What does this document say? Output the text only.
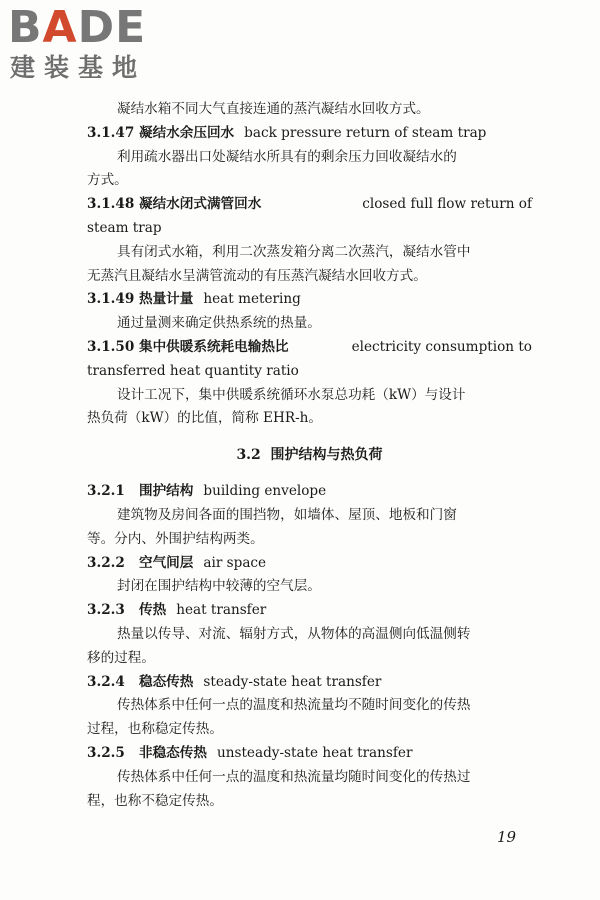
BADE
建装基地
凝结水箱不同大气直接连通的蒸汽凝结水回收方式。
3.1.47 凝结水余压回水 back pressure return of steam trap
利用疏水器出口处凝结水所具有的剩余压力回收凝结水的
方式。
3.1.48 凝结水闭式满管回水	closed full flow return of
steam trap
具有闭式水箱，利用二次蒸发箱分离二次蒸汽，凝结水管中
无蒸汽且凝结水呈满管流动的有压蒸汽凝结水回收方式。
3.1.49 热量计量 heat metering
通过量测来确定供热系统的热量。
3.1.50 集中供暖系统耗电输热比	electricity consumption to
transferred heat quantity ratio
设计工况下，集中供暖系统循环水泵总功耗（kW）与设计
热负荷（kW）的比值，简称 EHR-h。
3.2 围护结构与热负荷
3.2.1 围护结构 building envelope
建筑物及房间各面的围挡物，如墙体、屋顶、地板和门窗
等。分内、外围护结构两类。
3.2.2 空气间层 air space
封闭在围护结构中较薄的空气层。
3.2.3 传热 heat transfer
热量以传导、对流、辐射方式，从物体的高温侧向低温侧转
移的过程。
3.2.4 稳态传热 steady-state heat transfer
传热体系中任何一点的温度和热流量均不随时间变化的传热
过程，也称稳定传热。
3.2.5 非稳态传热 unsteady-state heat transfer
传热体系中任何一点的温度和热流量均随时间变化的传热过
程，也称不稳定传热。
19
